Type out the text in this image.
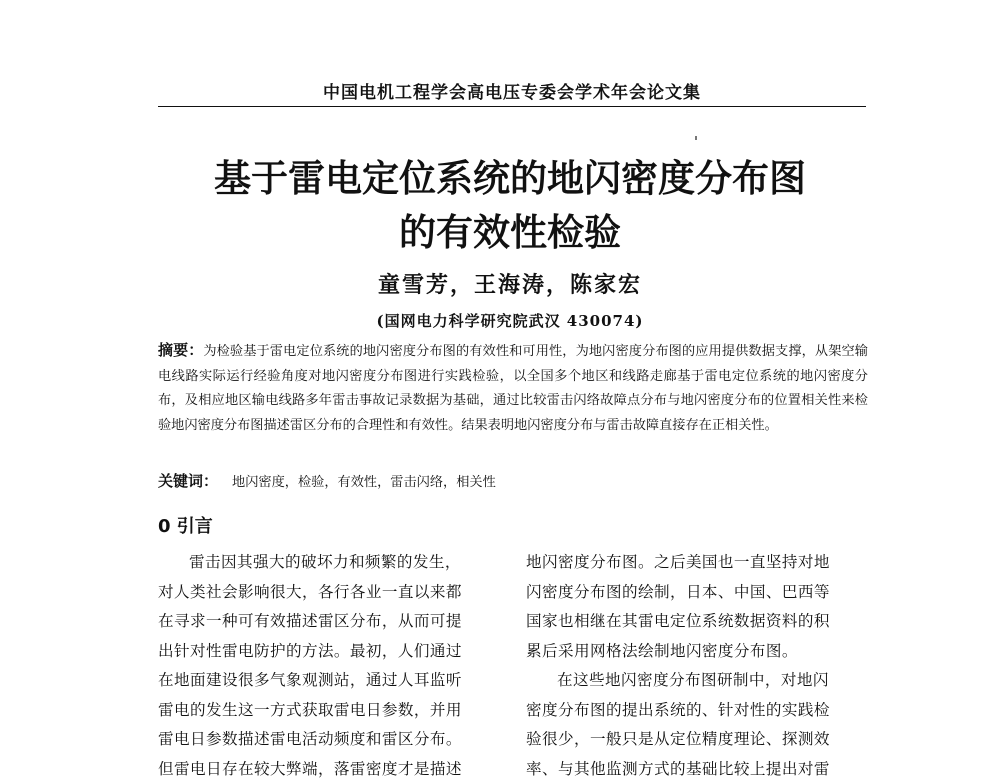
中国电机工程学会高电压专委会学术年会论文集
基于雷电定位系统的地闪密度分布图
的有效性检验
童雪芳，王海涛，陈家宏
(国网电力科学研究院武汉 430074)
摘要：为检验基于雷电定位系统的地闪密度分布图的有效性和可用性，为地闪密度分布图的应用提供数据支撑，从架空输电线路实际运行经验角度对地闪密度分布图进行实践检验，以全国多个地区和线路走廊基于雷电定位系统的地闪密度分布，及相应地区输电线路多年雷击事故记录数据为基础，通过比较雷击闪络故障点分布与地闪密度分布的位置相关性来检验地闪密度分布图描述雷区分布的合理性和有效性。结果表明地闪密度分布与雷击故障直接存在正相关性。
关键词： 地闪密度，检验，有效性，雷击闪络，相关性
0 引言
雷击因其强大的破坏力和频繁的发生，
对人类社会影响很大，各行各业一直以来都
在寻求一种可有效描述雷区分布，从而可提
出针对性雷电防护的方法。最初，人们通过
在地面建设很多气象观测站，通过人耳监听
雷电的发生这一方式获取雷电日参数，并用
雷电日参数描述雷电活动频度和雷区分布。
但雷电日存在较大弊端，落雷密度才是描述
地闪密度分布图。之后美国也一直坚持对地
闪密度分布图的绘制，日本、中国、巴西等
国家也相继在其雷电定位系统数据资料的积
累后采用网格法绘制地闪密度分布图。
在这些地闪密度分布图研制中，对地闪
密度分布图的提出系统的、针对性的实践检
验很少，一般只是从定位精度理论、探测效
率、与其他监测方式的基础比较上提出对雷
